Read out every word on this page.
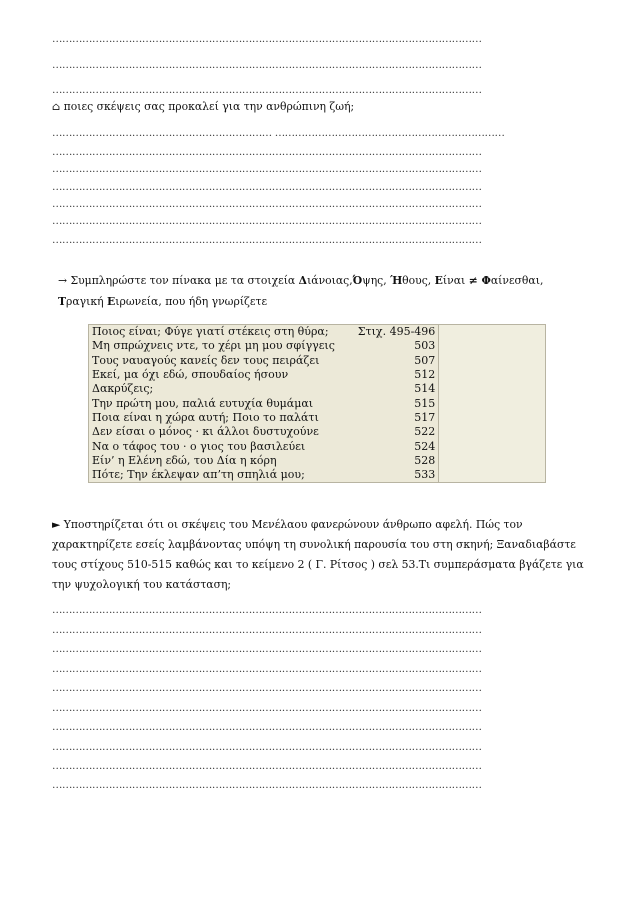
…………………………………………………………………………………………………………………
…………………………………………………………………………………………………………………
…………………………………………………………………………………………………………………
⌂ ποιες σκέψεις σας προκαλεί για την ανθρώπινη ζωή;
………………………………………………………… ……………………………………………………………
…………………………………………………………………………………………………………………
…………………………………………………………………………………………………………………
…………………………………………………………………………………………………………………
…………………………………………………………………………………………………………………
…………………………………………………………………………………………………………………
…………………………………………………………………………………………………………………
→ Συμπληρώστε τον πίνακα με τα στοιχεία Διάνοιας,Όψης, Ήθους, Είναι ≠ Φαίνεσθαι,
Τραγική Ειρωνεία, που ήδη γνωρίζετε
Ποιος είναι; Φύγε γιατί στέκεις στη θύρα;	Στιχ. 495-496	
Μη σπρώχνεις ντε, το χέρι μη μου σφίγγεις	503	
Τους ναυαγούς κανείς δεν τους πειράζει	507	
Εκεί, μα όχι εδώ, σπουδαίος ήσουν	512	
Δακρύζεις;	514	
Την πρώτη μου, παλιά ευτυχία θυμάμαι	515	
Ποια είναι η χώρα αυτή; Ποιο το παλάτι	517	
Δεν είσαι ο μόνος · κι άλλοι δυστυχούνε	522	
Να ο τάφος του · ο γιος του βασιλεύει	524	
Είν’ η Ελένη εδώ, του Δία η κόρη	528	
Πότε; Την έκλεψαν απ’τη σπηλιά μου;	533	
► Υποστηρίζεται ότι οι σκέψεις του Μενέλαου φανερώνουν άνθρωπο αφελή. Πώς τον
χαρακτηρίζετε εσείς λαμβάνοντας υπόψη τη συνολική παρουσία του στη σκηνή; Ξαναδιαβάστε
τους στίχους 510-515 καθώς και το κείμενο 2 ( Γ. Ρίτσος ) σελ 53.Τι συμπεράσματα βγάζετε για
την ψυχολογική του κατάσταση;
…………………………………………………………………………………………………………………
…………………………………………………………………………………………………………………
…………………………………………………………………………………………………………………
…………………………………………………………………………………………………………………
…………………………………………………………………………………………………………………
…………………………………………………………………………………………………………………
…………………………………………………………………………………………………………………
…………………………………………………………………………………………………………………
…………………………………………………………………………………………………………………
…………………………………………………………………………………………………………………
